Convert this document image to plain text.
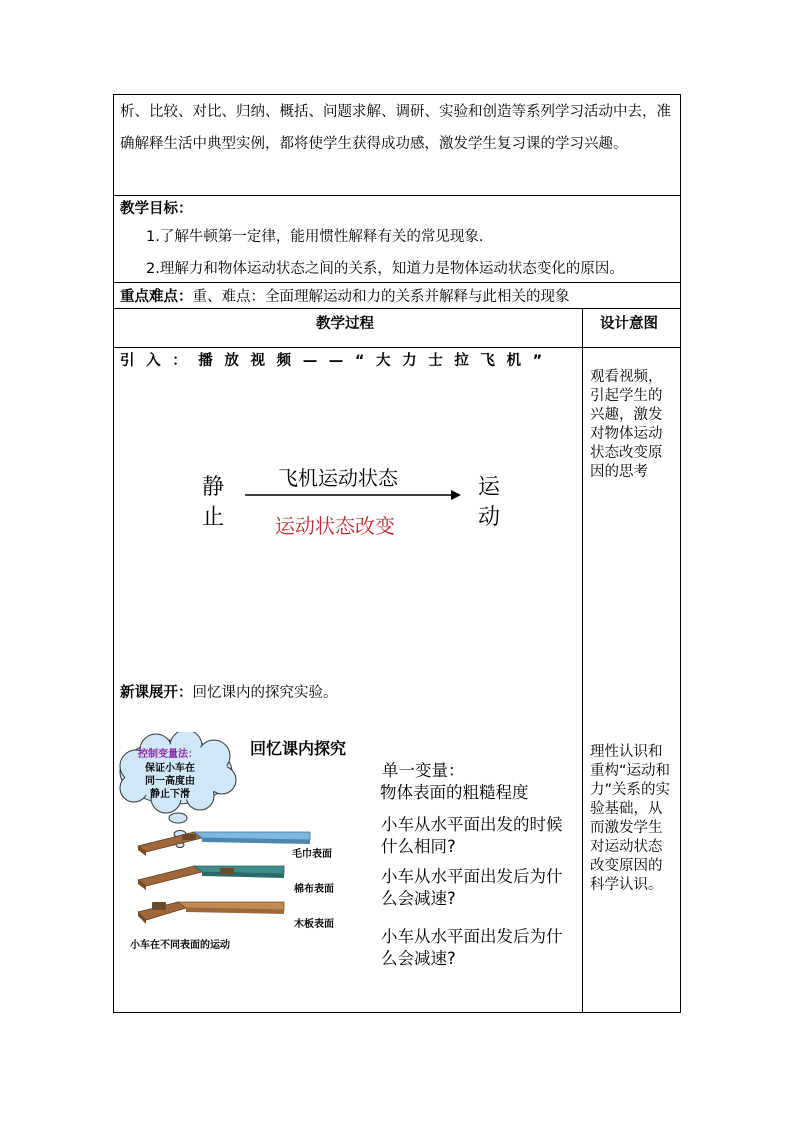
析、比较、对比、归纳、概括、问题求解、调研、实验和创造等系列学习活动中去，准确解释生活中典型实例，都将使学生获得成功感，激发学生复习课的学习兴趣。
教学目标：
1.了解牛顿第一定律，能用惯性解释有关的常见现象.
2.理解力和物体运动状态之间的关系，知道力是物体运动状态变化的原因。
重点难点：重、难点：全面理解运动和力的关系并解释与此相关的现象
教学过程	设计意图
引入：播放视频——“大力士拉飞机”
静
止
飞机运动状态
运动状态改变
运
动
观看视频，引起学生的兴趣，激发对物体运动状态改变原因的思考
新课展开：回忆课内的探究实验。
回忆课内探究
控制变量法：
保证小车在
同一高度由
静止下滑
毛巾表面
棉布表面
木板表面
小车在不同表面的运动
单一变量：
物体表面的粗糙程度
小车从水平面出发的时候什么相同?
小车从水平面出发后为什么会减速?
小车从水平面出发后为什么会减速?
理性认识和重构“运动和力”关系的实验基础，从而激发学生对运动状态改变原因的科学认识。
